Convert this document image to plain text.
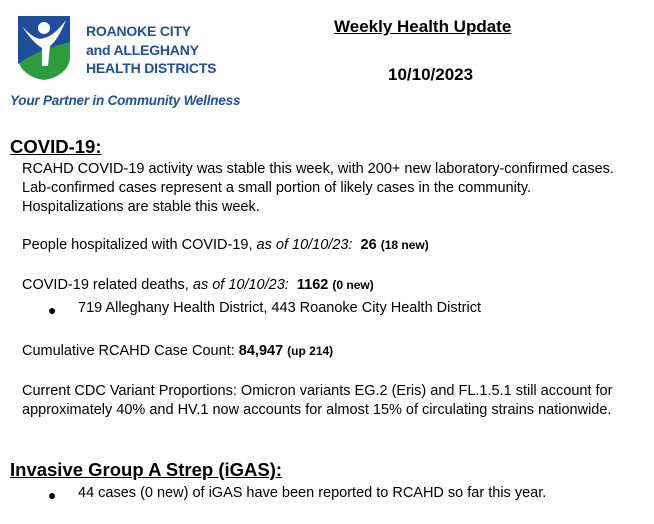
ROANOKE CITY
and ALLEGHANY
HEALTH DISTRICTS
Your Partner in Community Wellness
Weekly Health Update
10/10/2023
COVID-19:
RCAHD COVID-19 activity was stable this week, with 200+ new laboratory-confirmed cases. Lab-confirmed cases represent a small portion of likely cases in the community. Hospitalizations are stable this week.
People hospitalized with COVID-19, as of 10/10/23: 26 (18 new)
COVID-19 related deaths, as of 10/10/23: 1162 (0 new)
● 719 Alleghany Health District, 443 Roanoke City Health District
Cumulative RCAHD Case Count: 84,947 (up 214)
Current CDC Variant Proportions: Omicron variants EG.2 (Eris) and FL.1.5.1 still account for approximately 40% and HV.1 now accounts for almost 15% of circulating strains nationwide.
Invasive Group A Strep (iGAS):
● 44 cases (0 new) of iGAS have been reported to RCAHD so far this year.
